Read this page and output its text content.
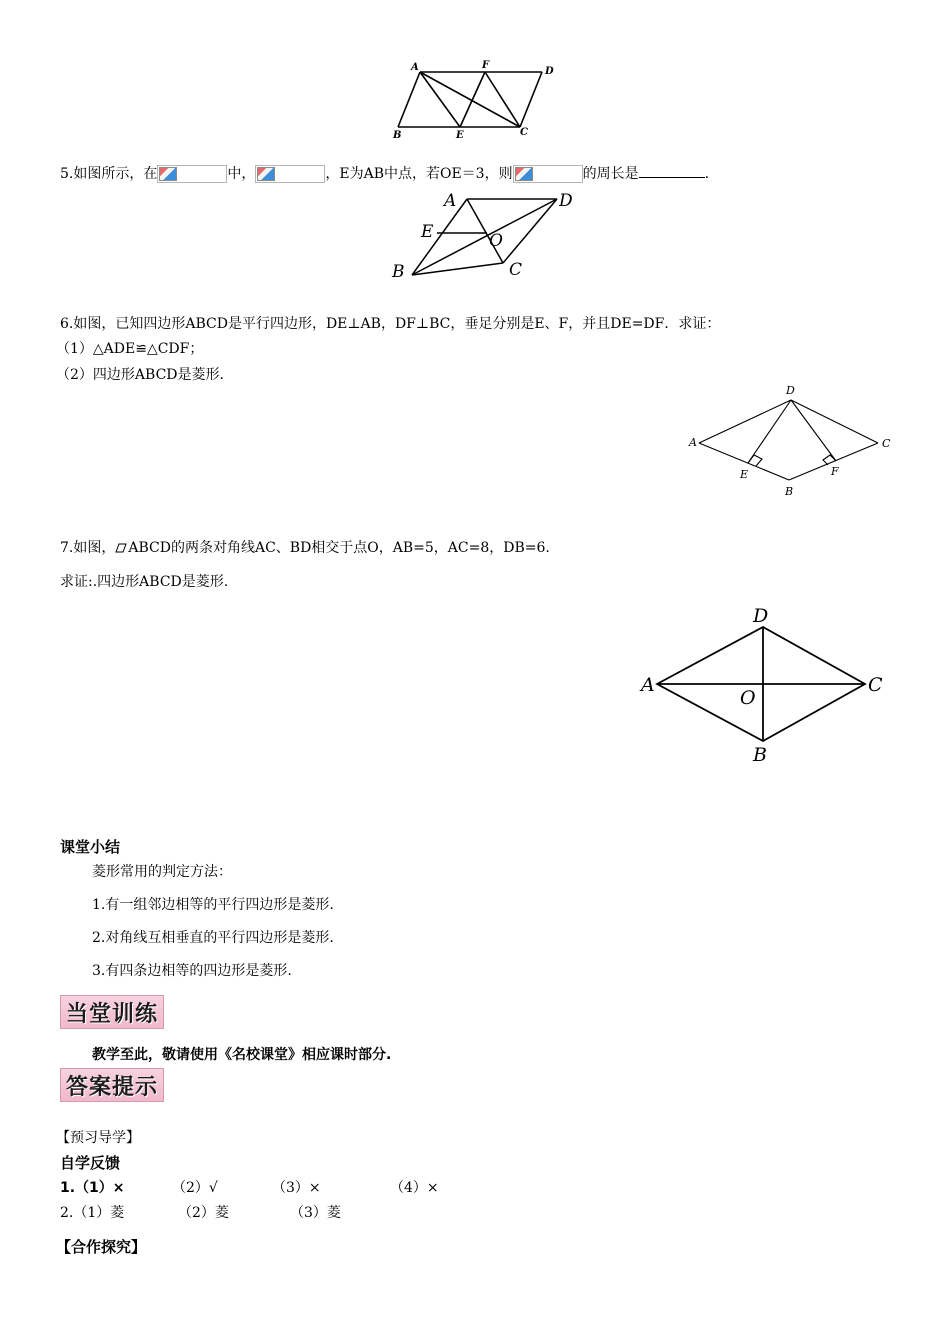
A	F
D
B	E	C
5.如图所示，在	中，	，E为AB中点，若OE＝3，则	的周长是	.
A	D
E	O
B	C
6.如图，已知四边形ABCD是平行四边形，DE⊥AB，DF⊥BC，垂足分别是E、F，并且DE=DF．求证：
（1）△ADE≌△CDF；
（2）四边形ABCD是菱形．
D
A	C
E	F
B
7.如图， ABCD的两条对角线AC、BD相交于点O，AB=5，AC=8，DB=6.
求证:.四边形ABCD是菱形.
D
A
O
C
B
课堂小结
菱形常用的判定方法：
1.有一组邻边相等的平行四边形是菱形.
2.对角线互相垂直的平行四边形是菱形.
3.有四条边相等的四边形是菱形.
当堂训练
教学至此，敬请使用《名校课堂》相应课时部分.
答案提示
【预习导学】
自学反馈
1.（1）×	（2）√	（3）×	（4）×
2.（1）菱	（2）菱	（3）菱
【合作探究】
